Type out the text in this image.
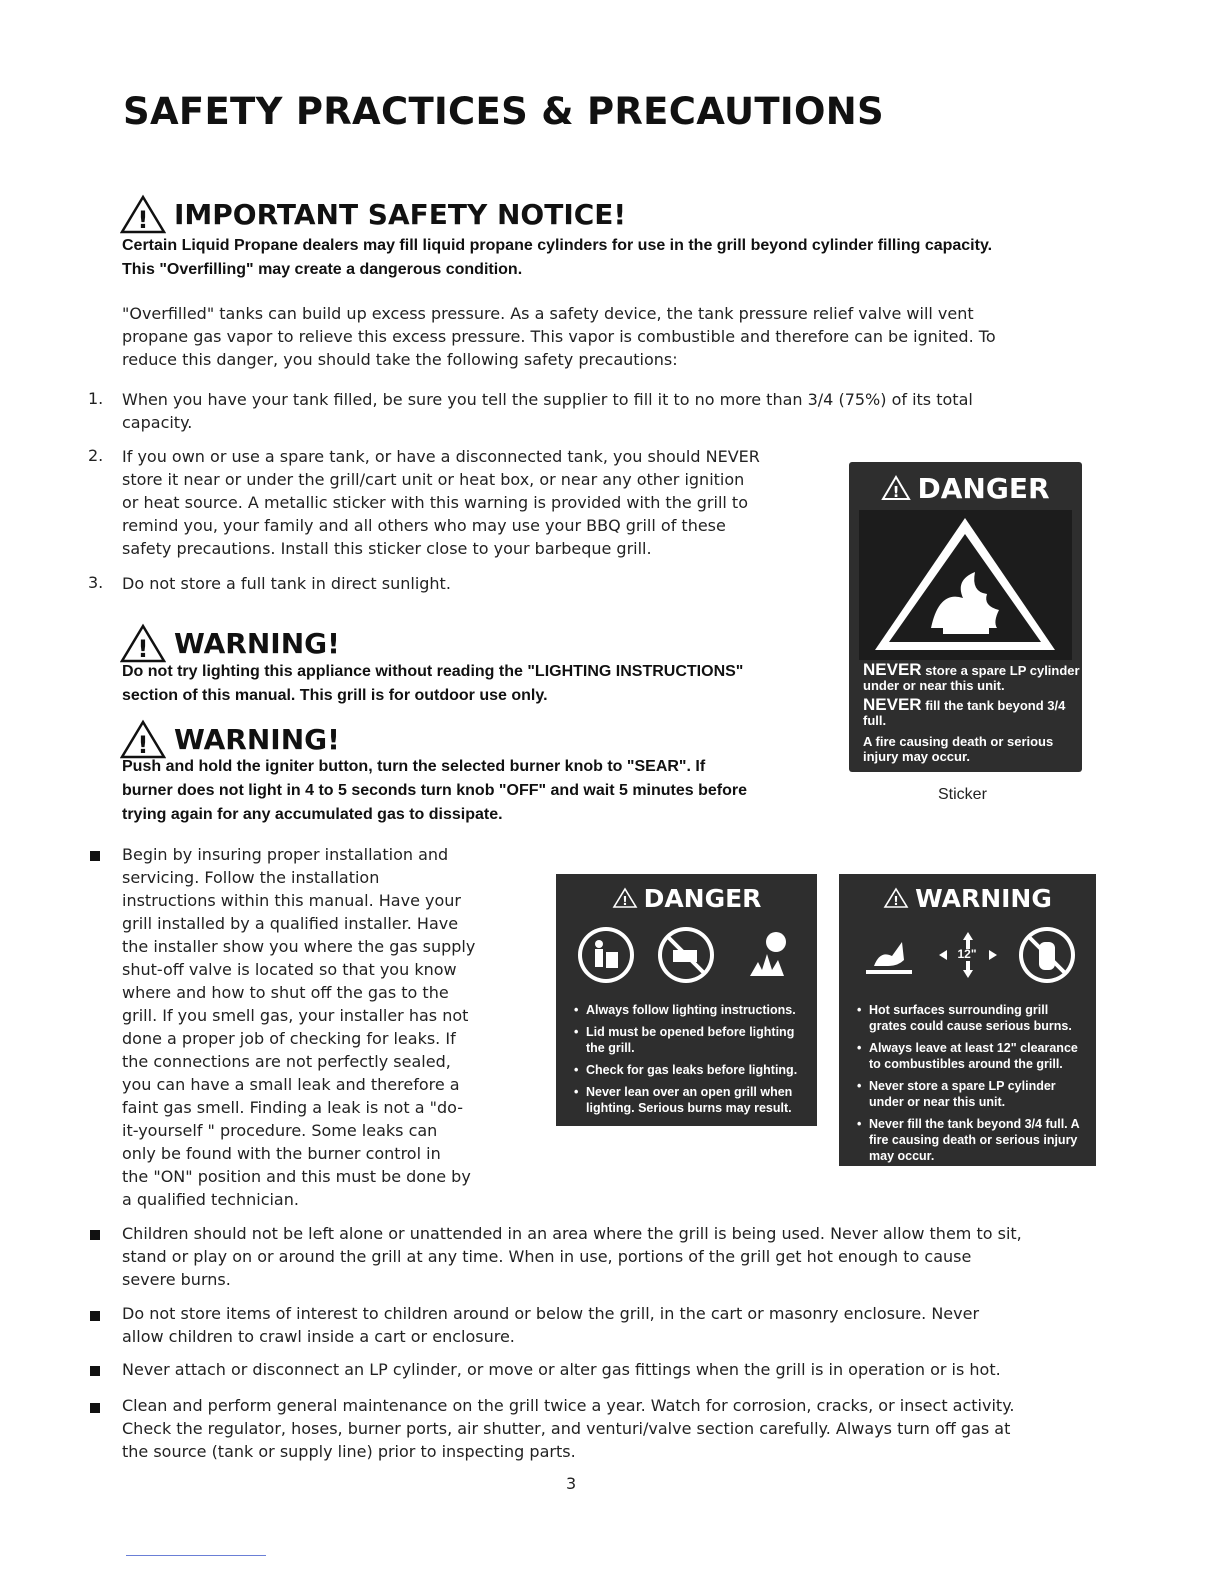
SAFETY PRACTICES & PRECAUTIONS
! IMPORTANT SAFETY NOTICE!
Certain Liquid Propane dealers may fill liquid propane cylinders for use in the grill beyond cylinder filling capacity.
This "Overfilling" may create a dangerous condition.
"Overfilled" tanks can build up excess pressure. As a safety device, the tank pressure relief valve will vent
propane gas vapor to relieve this excess pressure. This vapor is combustible and therefore can be ignited. To
reduce this danger, you should take the following safety precautions:
1. When you have your tank filled, be sure you tell the supplier to fill it to no more than 3/4 (75%) of its total
capacity.
2. If you own or use a spare tank, or have a disconnected tank, you should NEVER
store it near or under the grill/cart unit or heat box, or near any other ignition
or heat source. A metallic sticker with this warning is provided with the grill to
remind you, your family and all others who may use your BBQ grill of these
safety precautions. Install this sticker close to your barbeque grill.
3. Do not store a full tank in direct sunlight.
! WARNING!
Do not try lighting this appliance without reading the "LIGHTING INSTRUCTIONS"
section of this manual. This grill is for outdoor use only.
! WARNING!
Push and hold the igniter button, turn the selected burner knob to "SEAR". If
burner does not light in 4 to 5 seconds turn knob "OFF" and wait 5 minutes before
trying again for any accumulated gas to dissipate.
! DANGER
NEVER store a spare LP cylinder
under or near this unit.
NEVER fill the tank beyond 3/4 full.
A fire causing death or serious
injury may occur.
Sticker
! DANGER
• Always follow lighting instructions.
• Lid must be opened before lighting the grill.
• Check for gas leaks before lighting.
• Never lean over an open grill when lighting. Serious burns may result.
! WARNING
12"
• Hot surfaces surrounding grill grates could cause serious burns.
• Always leave at least 12" clearance to combustibles around the grill.
• Never store a spare LP cylinder under or near this unit.
• Never fill the tank beyond 3/4 full. A fire causing death or serious injury may occur.
Begin by insuring proper installation and
servicing. Follow the installation
instructions within this manual. Have your
grill installed by a qualified installer. Have
the installer show you where the gas supply
shut-off valve is located so that you know
where and how to shut off the gas to the
grill. If you smell gas, your installer has not
done a proper job of checking for leaks. If
the connections are not perfectly sealed,
you can have a small leak and therefore a
faint gas smell. Finding a leak is not a "do-
it-yourself " procedure. Some leaks can
only be found with the burner control in
the "ON" position and this must be done by
a qualified technician.
Children should not be left alone or unattended in an area where the grill is being used. Never allow them to sit,
stand or play on or around the grill at any time. When in use, portions of the grill get hot enough to cause
severe burns.
Do not store items of interest to children around or below the grill, in the cart or masonry enclosure. Never
allow children to crawl inside a cart or enclosure.
Never attach or disconnect an LP cylinder, or move or alter gas fittings when the grill is in operation or is hot.
Clean and perform general maintenance on the grill twice a year. Watch for corrosion, cracks, or insect activity.
Check the regulator, hoses, burner ports, air shutter, and venturi/valve section carefully. Always turn off gas at
the source (tank or supply line) prior to inspecting parts.
3
